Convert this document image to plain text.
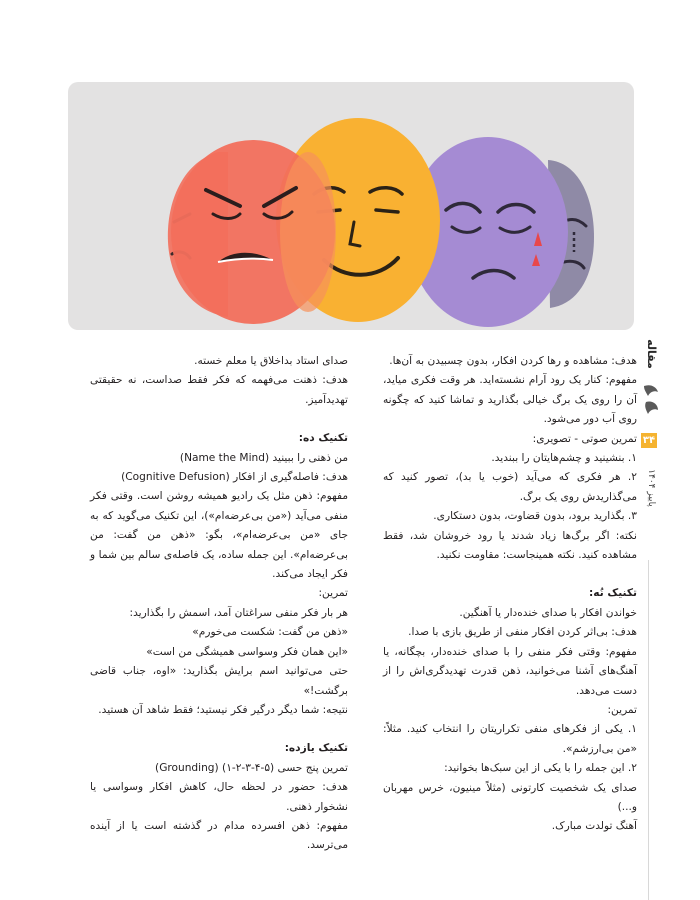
مقاله
۳۴
پاییز ۱۴۰۴

هدف: مشاهده و رها کردن افکار، بدون چسبیدن به آن‌ها.

مفهوم: کنار یک رود آرام نشسته‌اید. هر وقت فکری میاید، آن را روی یک برگ خیالی بگذارید و تماشا کنید که چگونه روی آب دور می‌شود.

تمرین صوتی - تصویری:

۱. بنشینید و چشم‌هایتان را ببندید.

۲. هر فکری که می‌آید (خوب یا بد)، تصور کنید که می‌گذاریدش روی یک برگ.

۳. بگذارید برود، بدون قضاوت، بدون دستکاری.

نکته: اگر برگ‌ها زیاد شدند یا رود خروشان شد، فقط مشاهده کنید. نکته همینجاست: مقاومت نکنید.

تکنیک نُه:

خواندن افکار با صدای خنده‌دار یا آهنگین.

هدف: بی‌اثر کردن افکار منفی از طریق بازی با صدا.

مفهوم: وقتی فکر منفی را با صدای خنده‌دار، بچگانه، یا آهنگ‌های آشنا می‌خوانید، ذهن قدرت تهدیدگری‌اش را از دست می‌دهد.

تمرین:

۱. یکی از فکرهای منفی تکراریتان را انتخاب کنید. مثلاً: «من بی‌ارزشم».

۲. این جمله را با یکی از این سبک‌ها بخوانید:

صدای یک شخصیت کارتونی (مثلاً مینیون، خرس مهربان و...)

آهنگ تولدت مبارک.

صدای استاد بداخلاق یا معلم خسته.

هدف: ذهنت می‌فهمه که فکر فقط صداست، نه حقیقتی تهدیدآمیز.

تکنیک ده:

من ذهنی را ببینید (Name the Mind)

هدف: فاصله‌گیری از افکار (Cognitive Defusion)

مفهوم: ذهن مثل یک رادیو همیشه روشن است. وقتی فکر منفی می‌آید («من بی‌عرضه‌ام»)، این تکنیک می‌گوید که به جای «من بی‌عرضه‌ام»، بگو: «ذهن من گفت: من بی‌عرضه‌ام». این جمله ساده، یک فاصله‌ی سالم بین شما و فکر ایجاد می‌کند.

تمرین:

هر بار فکر منفی سراغتان آمد، اسمش را بگذارید:

«ذهن من گفت: شکست می‌خورم»

«این همان فکر وسواسی همیشگی من است»

حتی می‌توانید اسم برایش بگذارید: «اوه، جناب قاضی برگشت!»

نتیجه: شما دیگر درگیر فکر نیستید؛ فقط شاهد آن هستید.

تکنیک یازده:

تمرین پنج حسی (۵-۴-۳-۲-۱) (Grounding)

هدف: حضور در لحظه حال، کاهش افکار وسواسی یا نشخوار ذهنی.

مفهوم: ذهن افسرده مدام در گذشته است یا از آینده می‌ترسد.
